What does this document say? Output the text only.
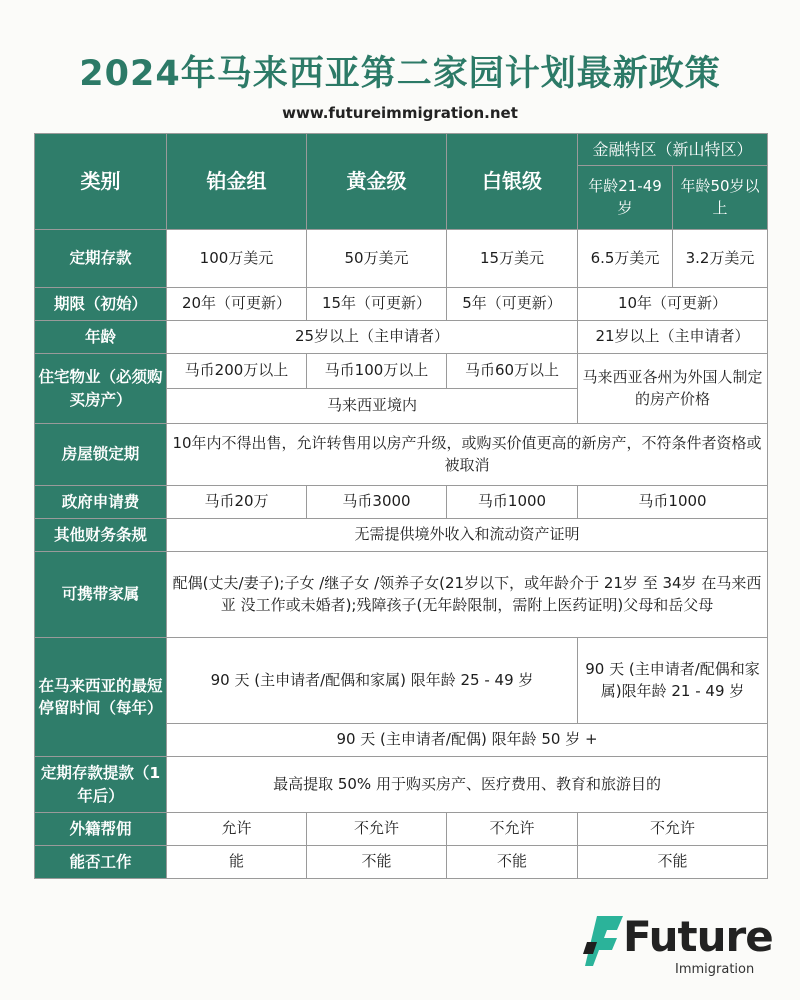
2024年马来西亚第二家园计划最新政策
www.futureimmigration.net
类别	铂金组	黄金级	白银级	金融特区（新山特区）	
				年龄21-49岁	年龄50岁以上
定期存款	100万美元	50万美元	15万美元	6.5万美元	3.2万美元
期限（初始）	20年（可更新）	15年（可更新）	5年（可更新）	10年（可更新）	
年龄	25岁以上（主申请者）			21岁以上（主申请者）	
住宅物业（必须购买房产）	马币200万以上	马币100万以上	马币60万以上	马来西亚各州为外国人制定的房产价格	
	马来西亚境内				
房屋锁定期	10年内不得出售，允许转售用以房产升级，或购买价值更高的新房产，不符条件者资格或被取消				
政府申请费	马币20万	马币3000	马币1000	马币1000	
其他财务条规	无需提供境外收入和流动资产证明				
可携带家属	配偶(丈夫/妻子);子女 /继子女 /领养子女(21岁以下，或年龄介于 21岁 至 34岁 在马来西亚 没工作或未婚者);残障孩子(无年龄限制，需附上医药证明)父母和岳父母				
在马来西亚的最短停留时间（每年）	90 天 (主申请者/配偶和家属) 限年龄 25 - 49 岁			90 天 (主申请者/配偶和家属)限年龄 21 - 49 岁	
	90 天 (主申请者/配偶) 限年龄 50 岁 +				
定期存款提款（1年后）	最高提取 50% 用于购买房产、医疗费用、教育和旅游目的				
外籍帮佣	允许	不允许	不允许	不允许	
能否工作	能	不能	不能	不能	
Future
Immigration
